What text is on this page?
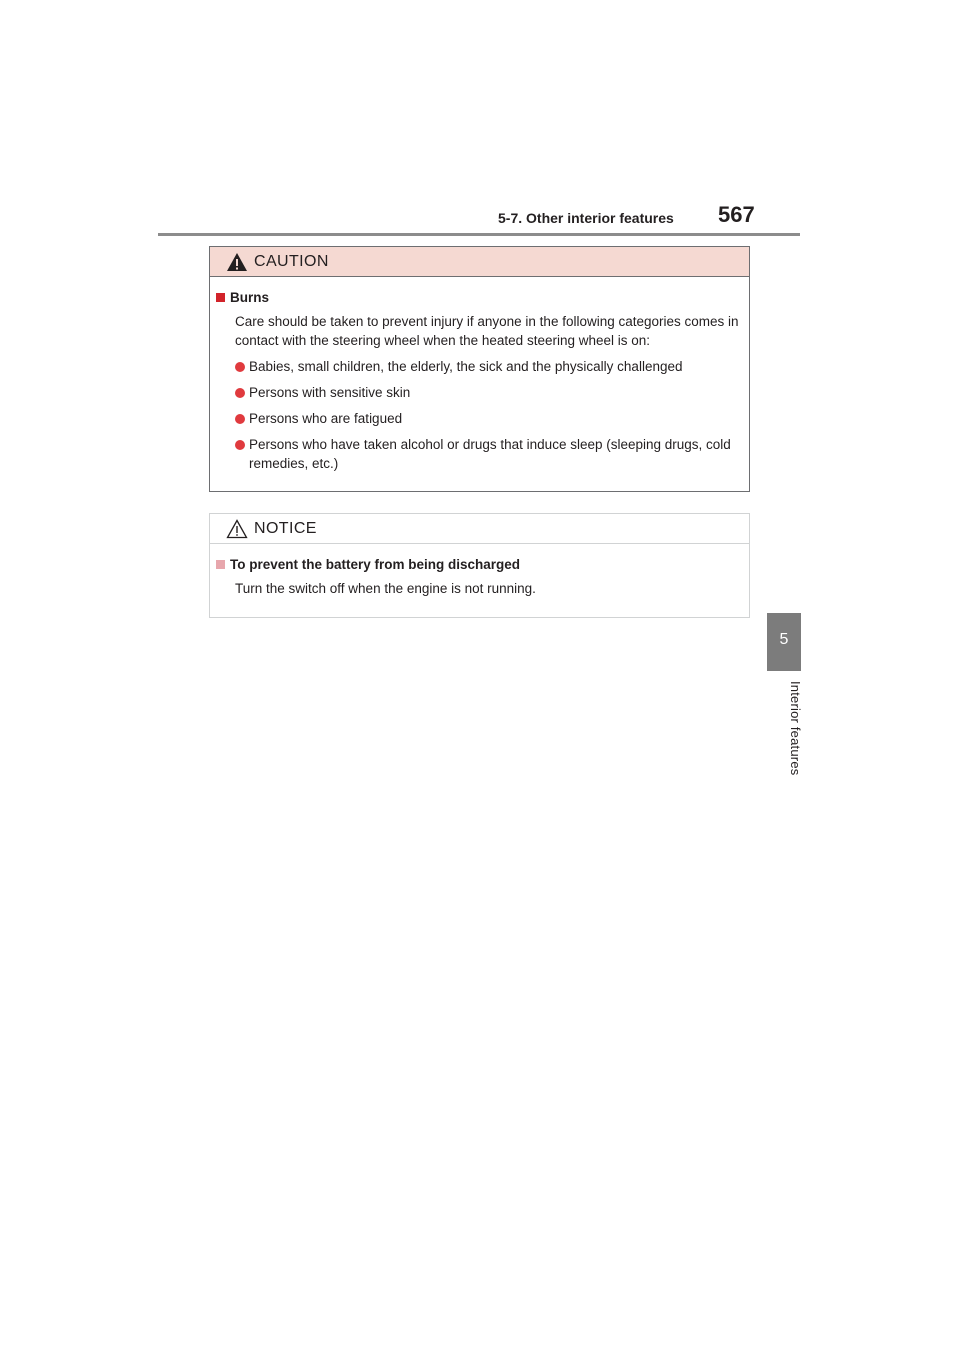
5-7. Other interior features 567
5
Interior features
CAUTION
Burns

Care should be taken to prevent injury if anyone in the following categories comes in contact with the steering wheel when the heated steering wheel is on:

Babies, small children, the elderly, the sick and the physically challenged
Persons with sensitive skin
Persons who are fatigued
Persons who have taken alcohol or drugs that induce sleep (sleeping drugs, cold remedies, etc.)
NOTICE
To prevent the battery from being discharged

Turn the switch off when the engine is not running.
